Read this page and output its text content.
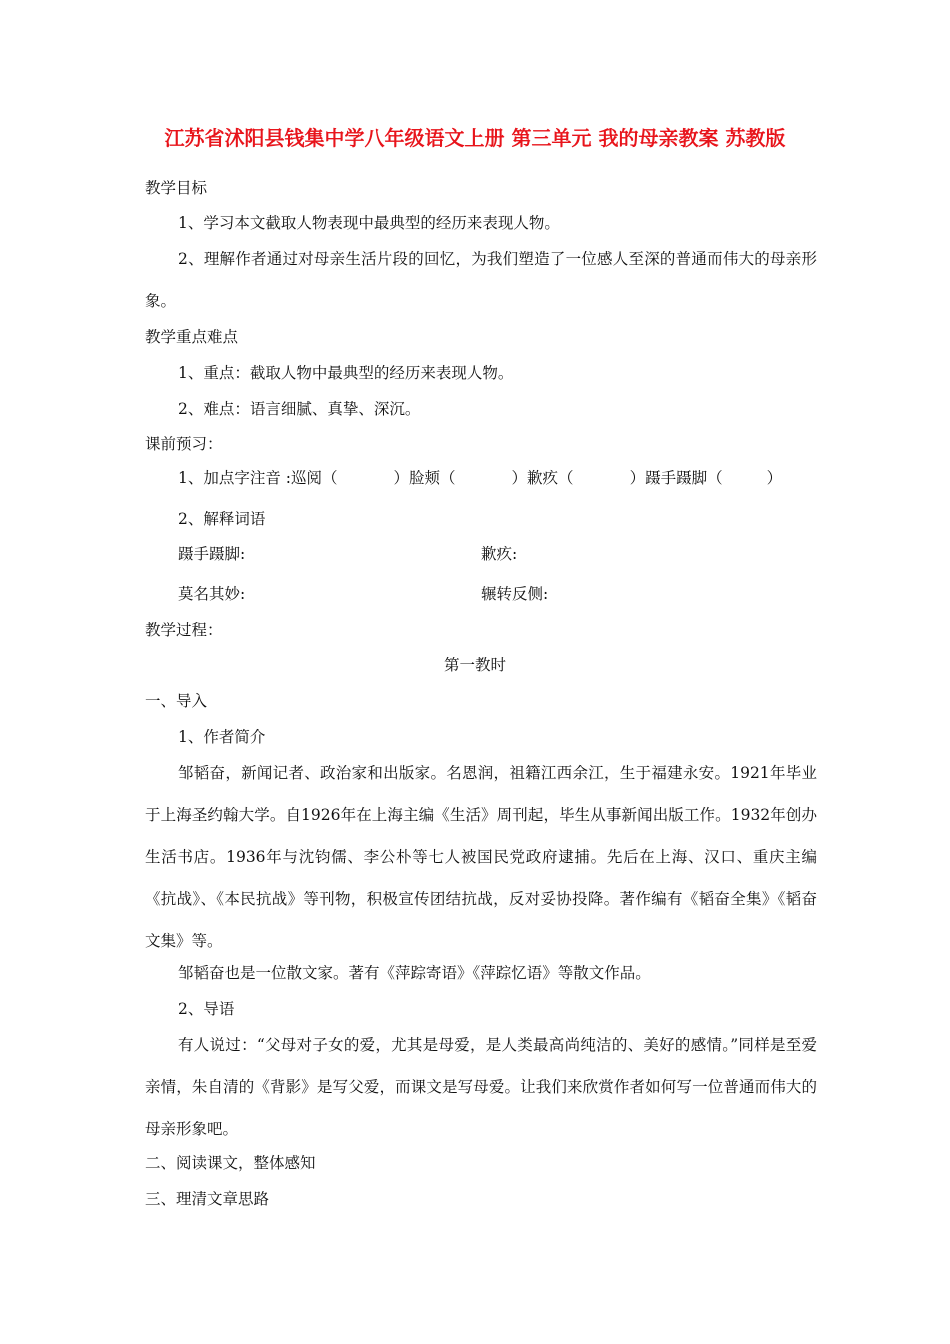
江苏省沭阳县钱集中学八年级语文上册 第三单元 我的母亲教案 苏教版
教学目标
1、学习本文截取人物表现中最典型的经历来表现人物。
2、理解作者通过对母亲生活片段的回忆，为我们塑造了一位感人至深的普通而伟大的母亲形象。
教学重点难点
1、重点：截取人物中最典型的经历来表现人物。
2、难点：语言细腻、真挚、深沉。
课前预习：
1、加点字注音 :巡阅（	）脸颊（	）歉疚（	）蹑手蹑脚（	）
2、解释词语
蹑手蹑脚:	歉疚:
莫名其妙:	辗转反侧:
教学过程：
第一教时
一、导入
1、作者简介
邹韬奋，新闻记者、政治家和出版家。名恩润，祖籍江西余江，生于福建永安。1921年毕业于上海圣约翰大学。自1926年在上海主编《生活》周刊起，毕生从事新闻出版工作。1932年创办生活书店。1936年与沈钧儒、李公朴等七人被国民党政府逮捕。先后在上海、汉口、重庆主编《抗战》、《本民抗战》等刊物，积极宣传团结抗战，反对妥协投降。著作编有《韬奋全集》《韬奋文集》等。
邹韬奋也是一位散文家。著有《萍踪寄语》《萍踪忆语》等散文作品。
2、导语
有人说过：“父母对子女的爱，尤其是母爱，是人类最高尚纯洁的、美好的感情。”同样是至爱亲情，朱自清的《背影》是写父爱，而课文是写母爱。让我们来欣赏作者如何写一位普通而伟大的母亲形象吧。
二、阅读课文，整体感知
三、理清文章思路
